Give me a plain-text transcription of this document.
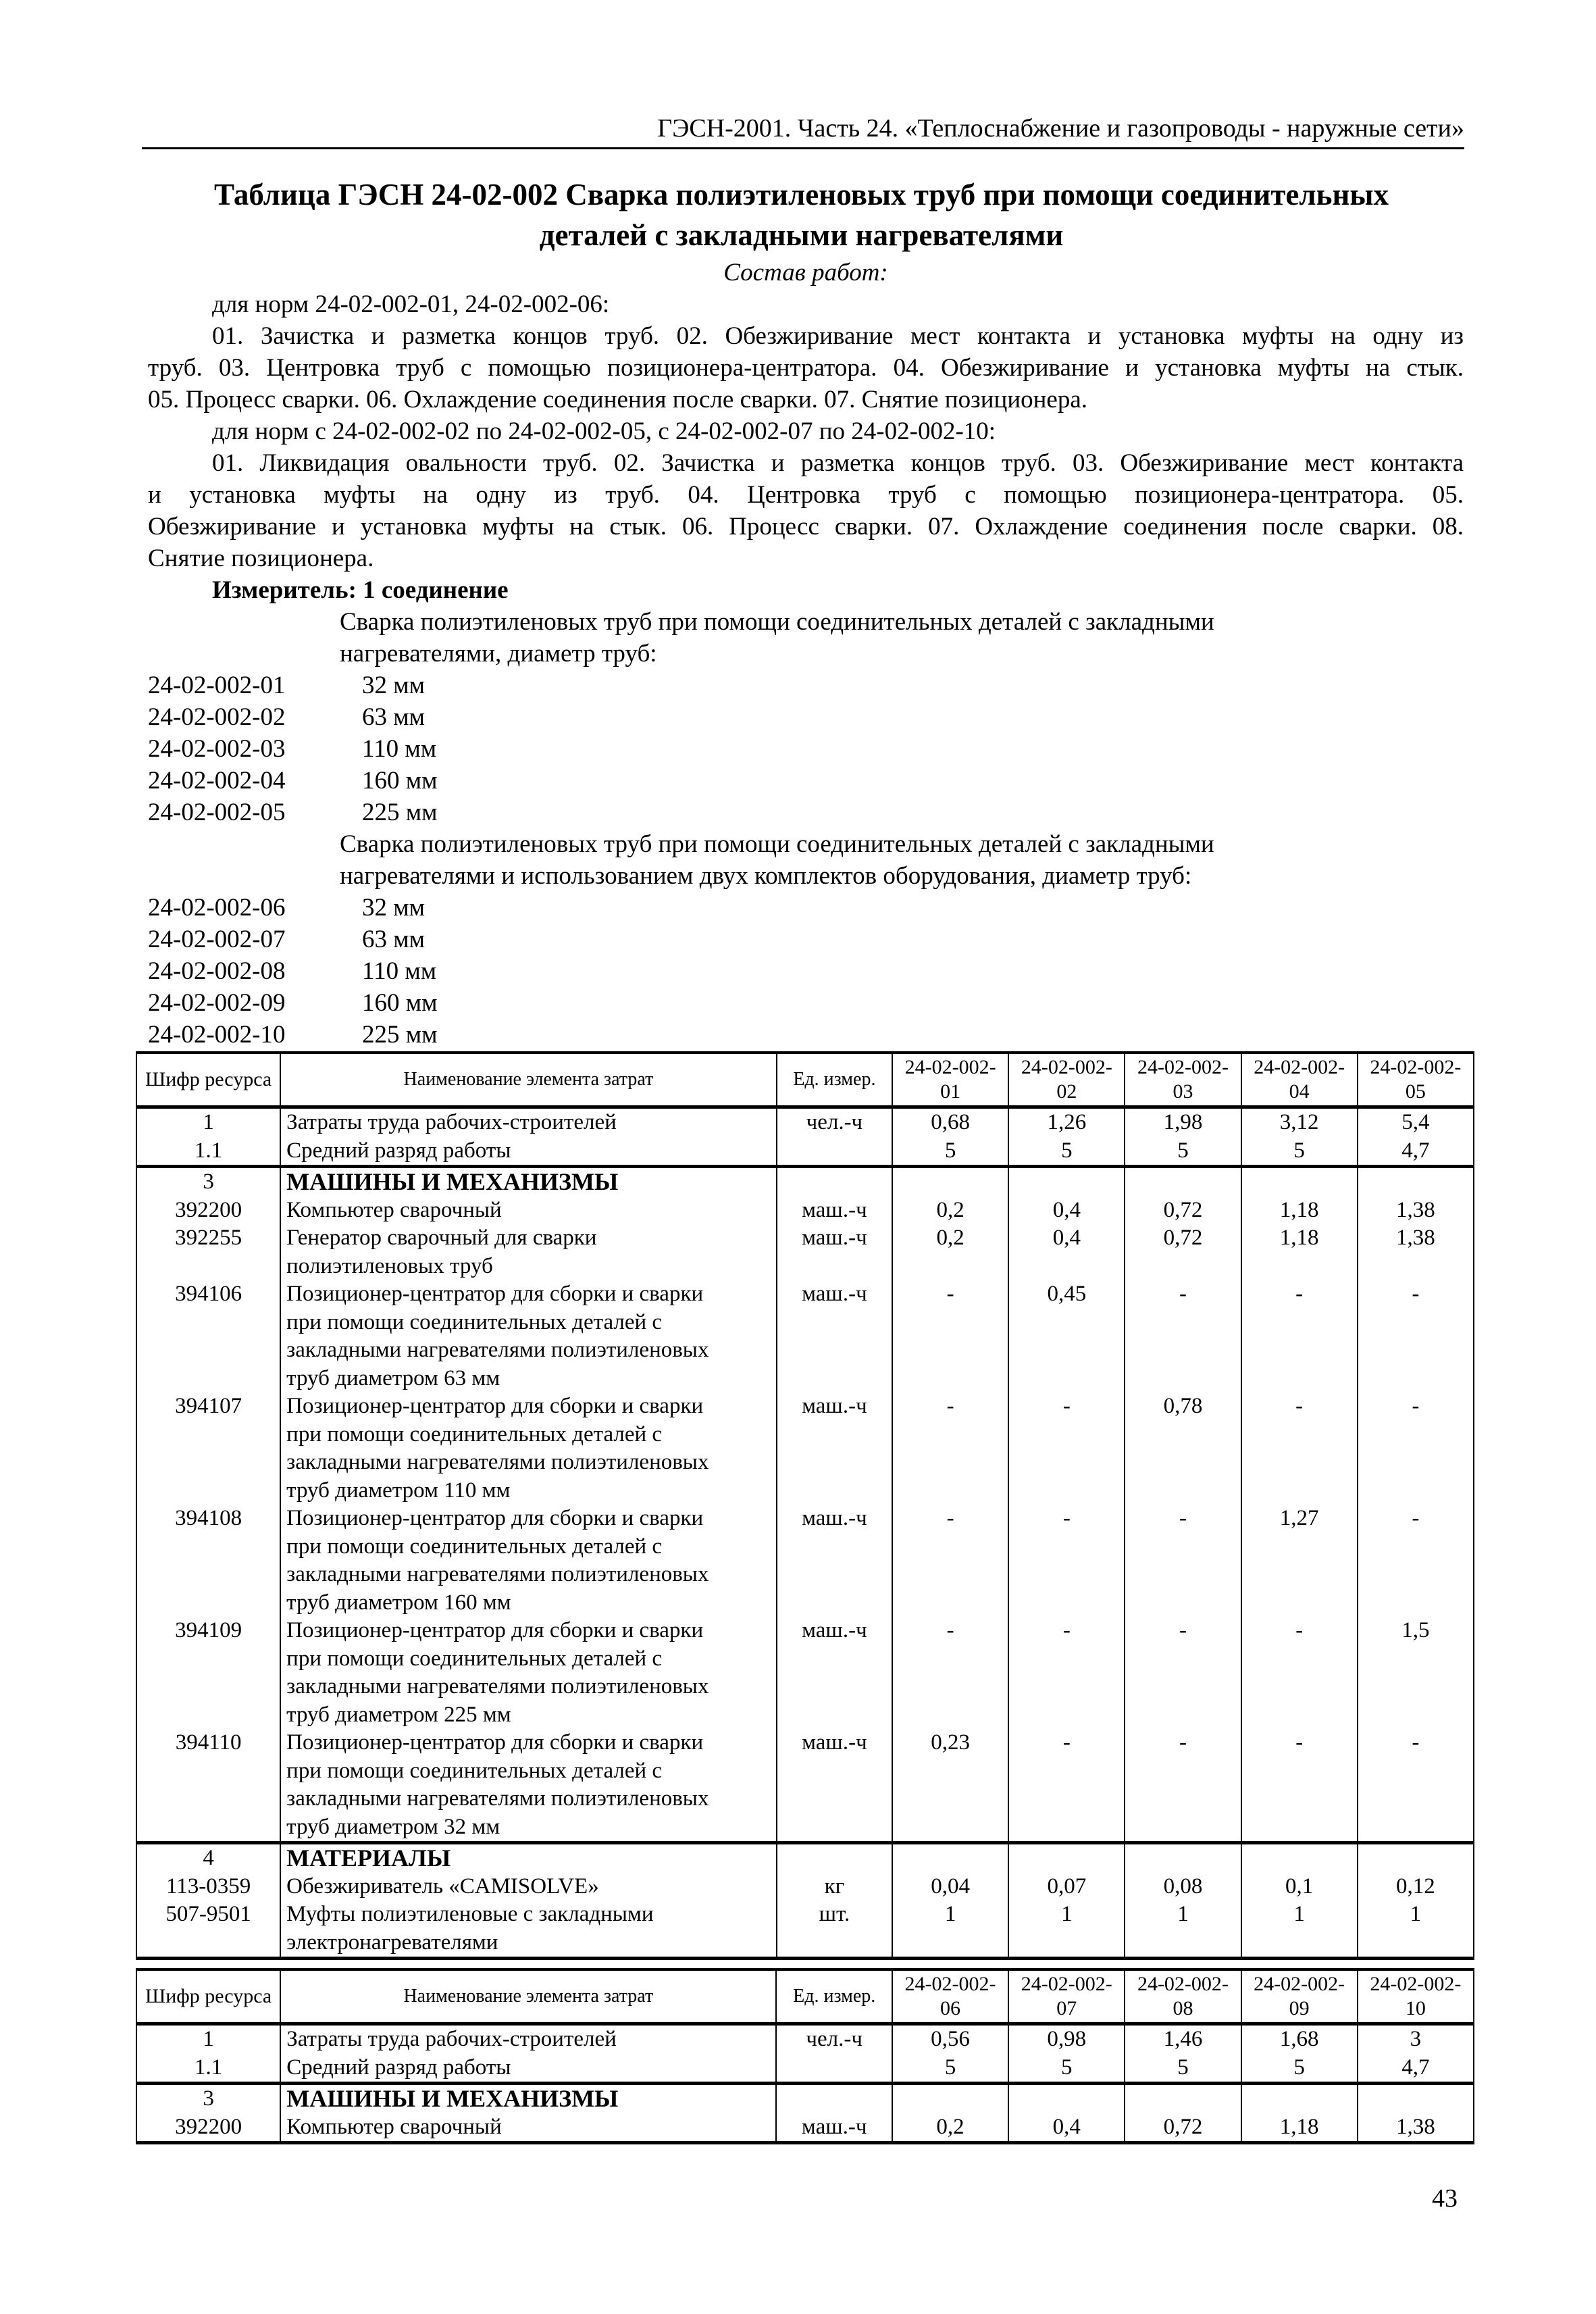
ГЭСН-2001. Часть 24. «Теплоснабжение и газопроводы - наружные сети»
Таблица ГЭСН 24-02-002 Сварка полиэтиленовых труб при помощи соединительных
деталей с закладными нагревателями
Состав работ:
для норм 24-02-002-01, 24-02-002-06:
01. Зачистка и разметка концов труб. 02. Обезжиривание мест контакта и установка муфты на одну из
труб. 03. Центровка труб с помощью позиционера-центратора. 04. Обезжиривание и установка муфты на стык.
05. Процесс сварки. 06. Охлаждение соединения после сварки. 07. Снятие позиционера.
для норм с 24-02-002-02 по 24-02-002-05, с 24-02-002-07 по 24-02-002-10:
01. Ликвидация овальности труб. 02. Зачистка и разметка концов труб. 03. Обезжиривание мест контакта
и установка муфты на одну из труб. 04. Центровка труб с помощью позиционера-центратора. 05.
Обезжиривание и установка муфты на стык. 06. Процесс сварки. 07. Охлаждение соединения после сварки. 08.
Снятие позиционера.
Измеритель: 1 соединение
Сварка полиэтиленовых труб при помощи соединительных деталей с закладными
нагревателями, диаметр труб:
24-02-002-01	32 мм
24-02-002-02	63 мм
24-02-002-03	110 мм
24-02-002-04	160 мм
24-02-002-05	225 мм
Сварка полиэтиленовых труб при помощи соединительных деталей с закладными
нагревателями и использованием двух комплектов оборудования, диаметр труб:
24-02-002-06	32 мм
24-02-002-07	63 мм
24-02-002-08	110 мм
24-02-002-09	160 мм
24-02-002-10	225 мм
Шифр ресурса	Наименование элемента затрат	Ед. измер.	24-02-002-01	24-02-002-02	24-02-002-03	24-02-002-04	24-02-002-05
1	Затраты труда рабочих-строителей	чел.-ч	0,68	1,26	1,98	3,12	5,4
1.1	Средний разряд работы		5	5	5	5	4,7
3	МАШИНЫ И МЕХАНИЗМЫ						
392200	Компьютер сварочный	маш.-ч	0,2	0,4	0,72	1,18	1,38
392255	Генератор сварочный для сварки
полиэтиленовых труб	маш.-ч	0,2	0,4	0,72	1,18	1,38
394106	Позиционер-центратор для сборки и сварки
при помощи соединительных деталей с
закладными нагревателями полиэтиленовых
труб диаметром 63 мм	маш.-ч	-	0,45	-	-	-
394107	Позиционер-центратор для сборки и сварки
при помощи соединительных деталей с
закладными нагревателями полиэтиленовых
труб диаметром 110 мм	маш.-ч	-	-	0,78	-	-
394108	Позиционер-центратор для сборки и сварки
при помощи соединительных деталей с
закладными нагревателями полиэтиленовых
труб диаметром 160 мм	маш.-ч	-	-	-	1,27	-
394109	Позиционер-центратор для сборки и сварки
при помощи соединительных деталей с
закладными нагревателями полиэтиленовых
труб диаметром 225 мм	маш.-ч	-	-	-	-	1,5
394110	Позиционер-центратор для сборки и сварки
при помощи соединительных деталей с
закладными нагревателями полиэтиленовых
труб диаметром 32 мм	маш.-ч	0,23	-	-	-	-
4	МАТЕРИАЛЫ						
113-0359	Обезжириватель «CAMISOLVE»	кг	0,04	0,07	0,08	0,1	0,12
507-9501	Муфты полиэтиленовые с закладными
электронагревателями	шт.	1	1	1	1	1
Шифр ресурса	Наименование элемента затрат	Ед. измер.	24-02-002-06	24-02-002-07	24-02-002-08	24-02-002-09	24-02-002-10
1	Затраты труда рабочих-строителей	чел.-ч	0,56	0,98	1,46	1,68	3
1.1	Средний разряд работы		5	5	5	5	4,7
3	МАШИНЫ И МЕХАНИЗМЫ						
392200	Компьютер сварочный	маш.-ч	0,2	0,4	0,72	1,18	1,38
43
